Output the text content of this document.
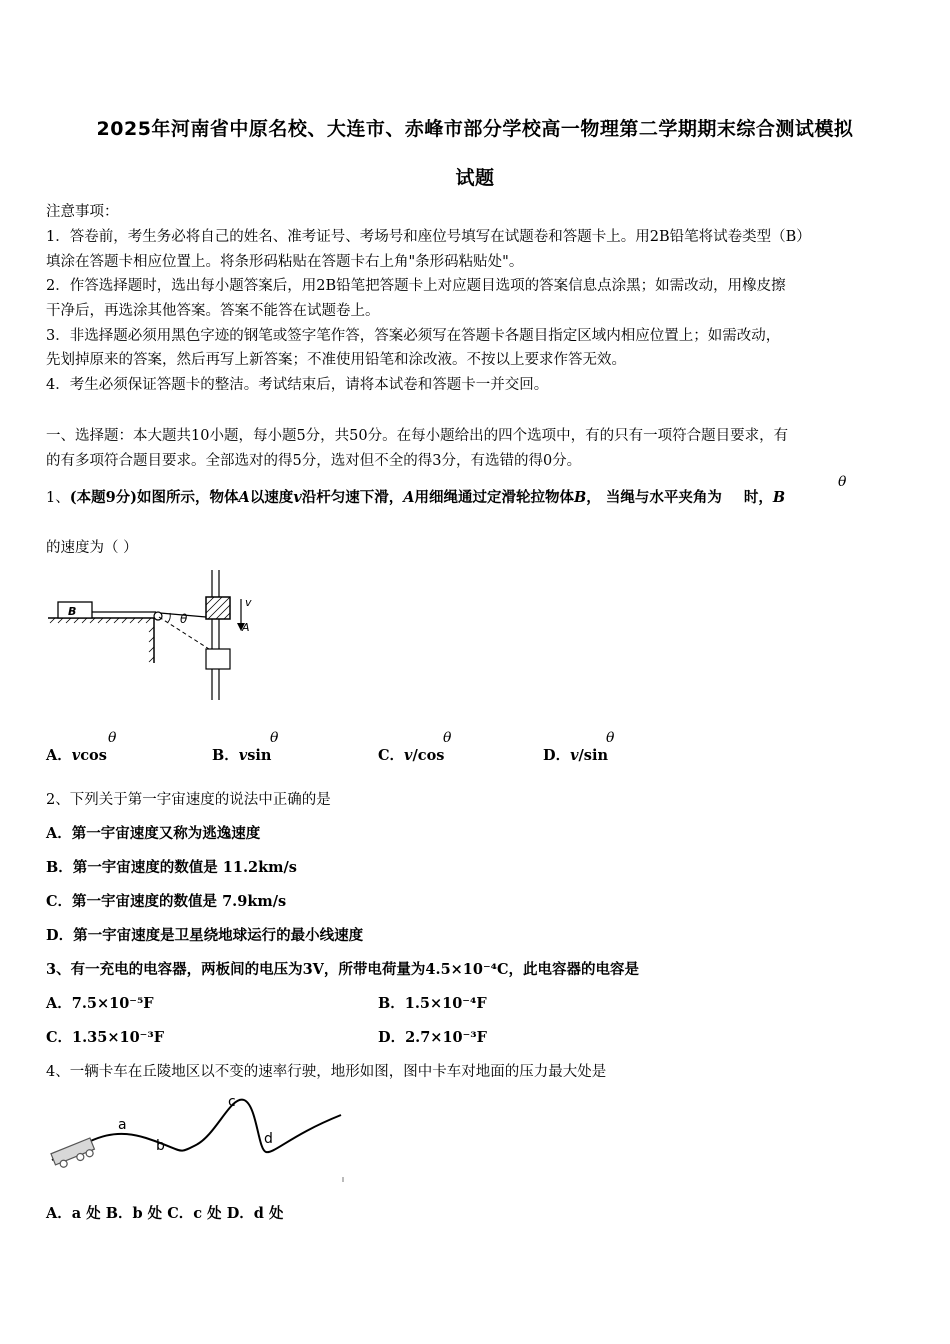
2025年河南省中原名校、大连市、赤峰市部分学校高一物理第二学期期末综合测试模拟
试题
注意事项：
1．答卷前，考生务必将自己的姓名、准考证号、考场号和座位号填写在试题卷和答题卡上。用2B铅笔将试卷类型（B）
填涂在答题卡相应位置上。将条形码粘贴在答题卡右上角"条形码粘贴处"。
2．作答选择题时，选出每小题答案后，用2B铅笔把答题卡上对应题目选项的答案信息点涂黑；如需改动，用橡皮擦
干净后，再选涂其他答案。答案不能答在试题卷上。
3．非选择题必须用黑色字迹的钢笔或签字笔作答，答案必须写在答题卡各题目指定区域内相应位置上；如需改动，
先划掉原来的答案，然后再写上新答案；不准使用铅笔和涂改液。不按以上要求作答无效。
4．考生必须保证答题卡的整洁。考试结束后，请将本试卷和答题卡一并交回。
一、选择题：本大题共10小题，每小题5分，共50分。在每小题给出的四个选项中，有的只有一项符合题目要求，有
的有多项符合题目要求。全部选对的得5分，选对但不全的得3分，有选错的得0分。
1、(本题9分)如图所示，物体A以速度v沿杆匀速下滑，A用细绳通过定滑轮拉物体B， 当绳与水平夹角为 时，B
θ
的速度为（ ）
B
θ
v
A
A．vcos
θ
B．vsin
θ
C．v/cos
θ
D．v/sin
θ
2、下列关于第一宇宙速度的说法中正确的是
A．第一宇宙速度又称为逃逸速度
B．第一宇宙速度的数值是 11.2km/s
C．第一宇宙速度的数值是 7.9km/s
D．第一宇宙速度是卫星绕地球运行的最小线速度
3、有一充电的电容器，两板间的电压为3V，所带电荷量为4.5×10⁻⁴C，此电容器的电容是
A．7.5×10⁻⁵F	B．1.5×10⁻⁴F
C．1.35×10⁻³F	D．2.7×10⁻³F
4、一辆卡车在丘陵地区以不变的速率行驶，地形如图，图中卡车对地面的压力最大处是
a
b
c
d
A．a 处 B．b 处 C．c 处 D．d 处
